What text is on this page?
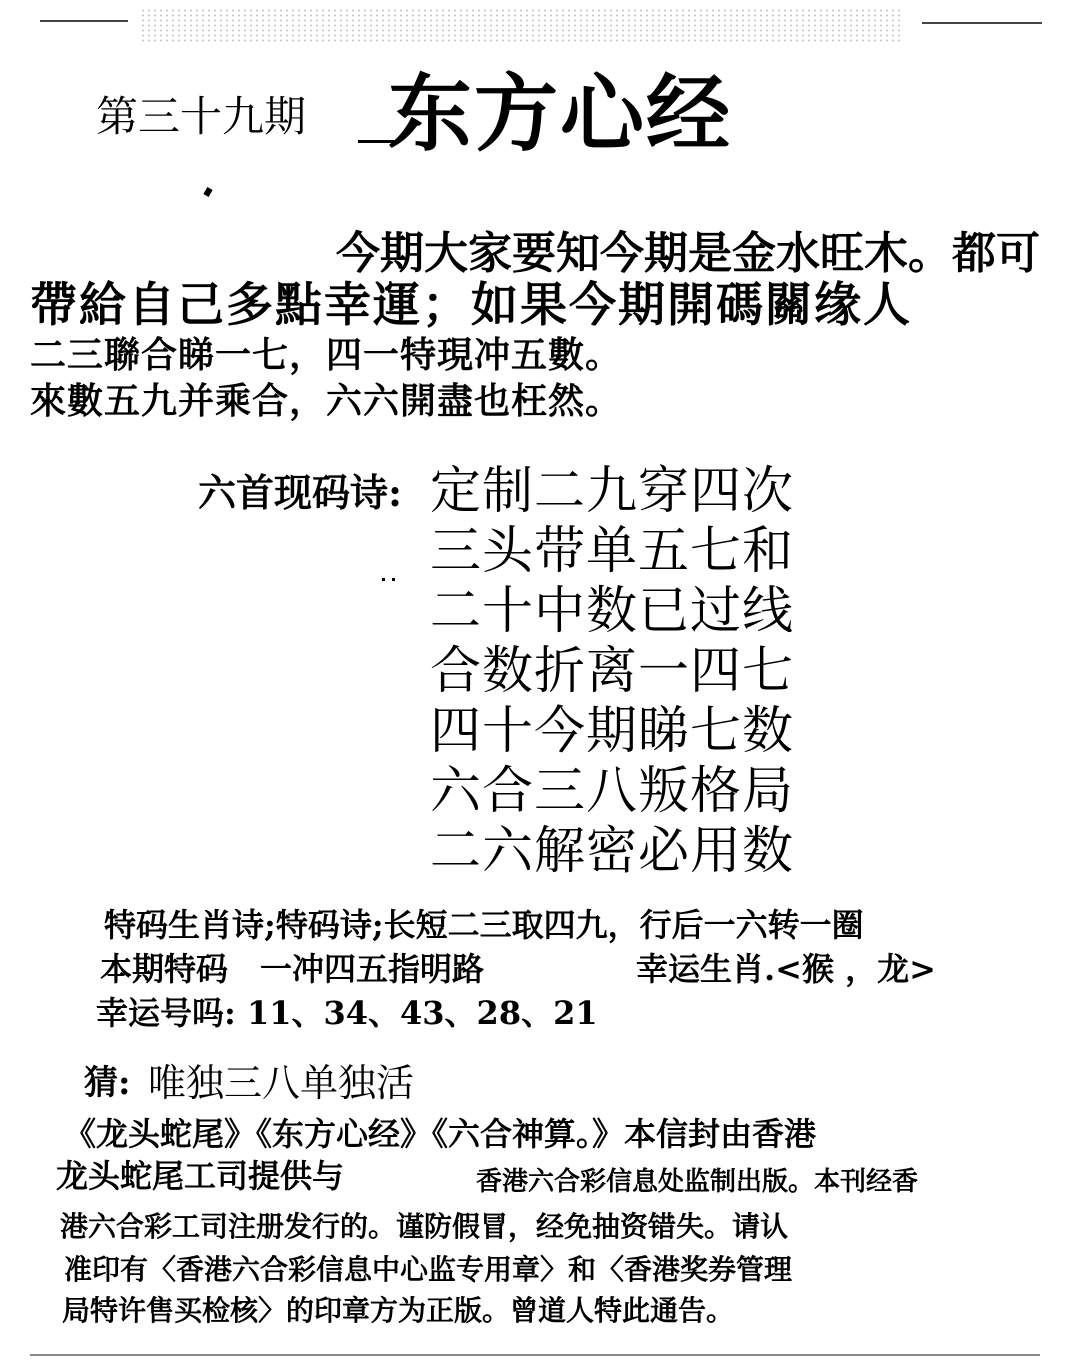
第三十九期 东方心经
今期大家要知今期是金水旺木。都可
帶給自己多點幸運；如果今期開碼關缘人
二三聯合睇一七，四一特現冲五數。
來數五九并乘合，六六開盡也枉然。
六首现码诗: 定制二九穿四次
三头带单五七和
二十中数已过线
合数折离一四七
四十今期睇七数
六合三八叛格局
二六解密必用数
特码生肖诗;特码诗;长短二三取四九，行后一六转一圈
本期特码　一冲四五指明路	幸运生肖.<猴 ，龙>
幸运号吗: 11、34、43、28、21
猜: 唯独三八单独活
《龙头蛇尾》《东方心经》《六合神算。》本信封由香港
龙头蛇尾工司提供与	香港六合彩信息处监制出版。本刊经香
港六合彩工司注册发行的。谨防假冒，经免抽资错失。请认
准印有〈香港六合彩信息中心监专用章〉和〈香港奖券管理
局特许售买检核〉的印章方为正版。曾道人特此通告。
